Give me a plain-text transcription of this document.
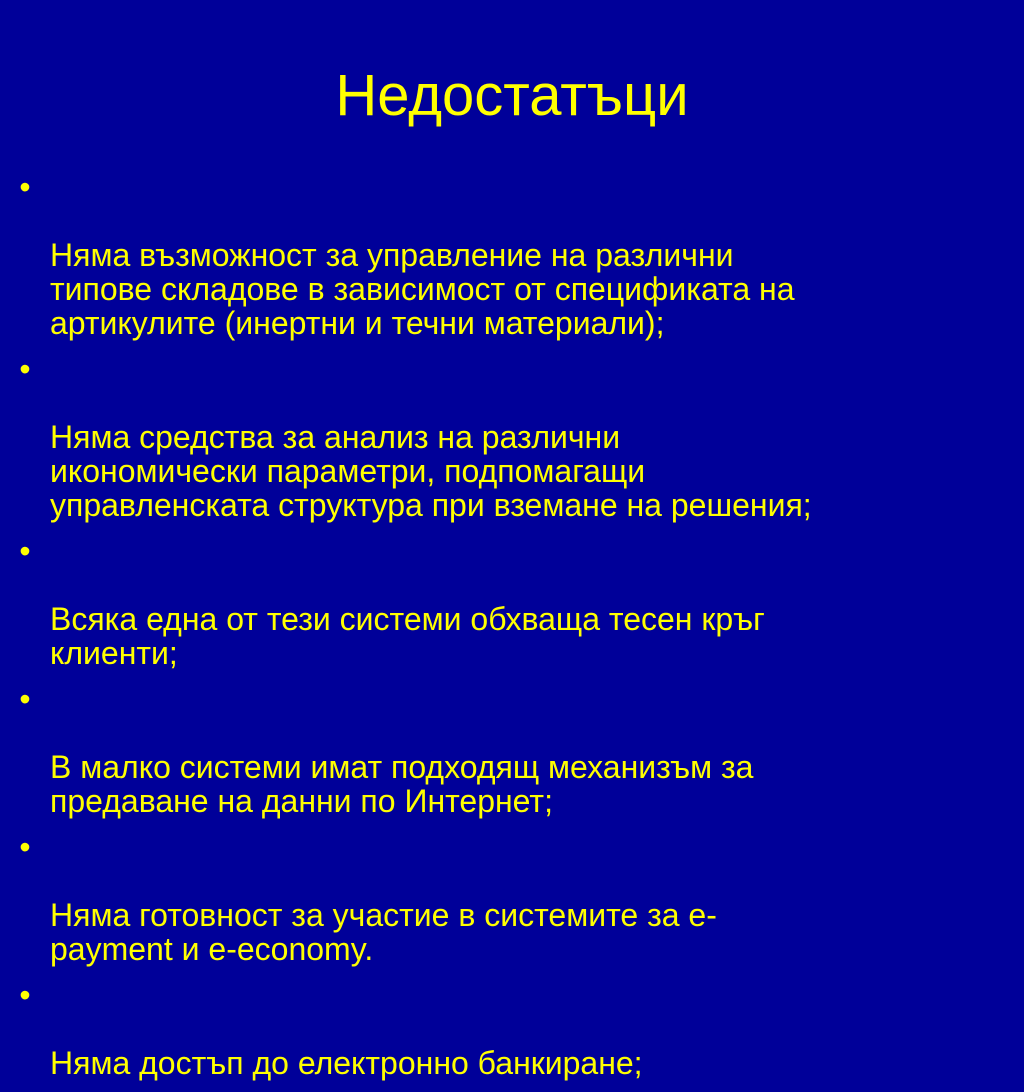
Недостатъци

•

Няма възможност за управление на различни
типове складове в зависимост от спецификата на
артикулите (инертни и течни материали);

•

Няма средства за анализ на различни
икономически параметри, подпомагащи
управленската структура при вземане на решения;

•

Всяка една от тези системи обхваща тесен кръг
клиенти;

•

В малко системи имат подходящ механизъм за
предаване на данни по Интернет;

•

Няма готовност за участие в системите за е-
payment и е-economy.

•

Няма достъп до електронно банкиране;
